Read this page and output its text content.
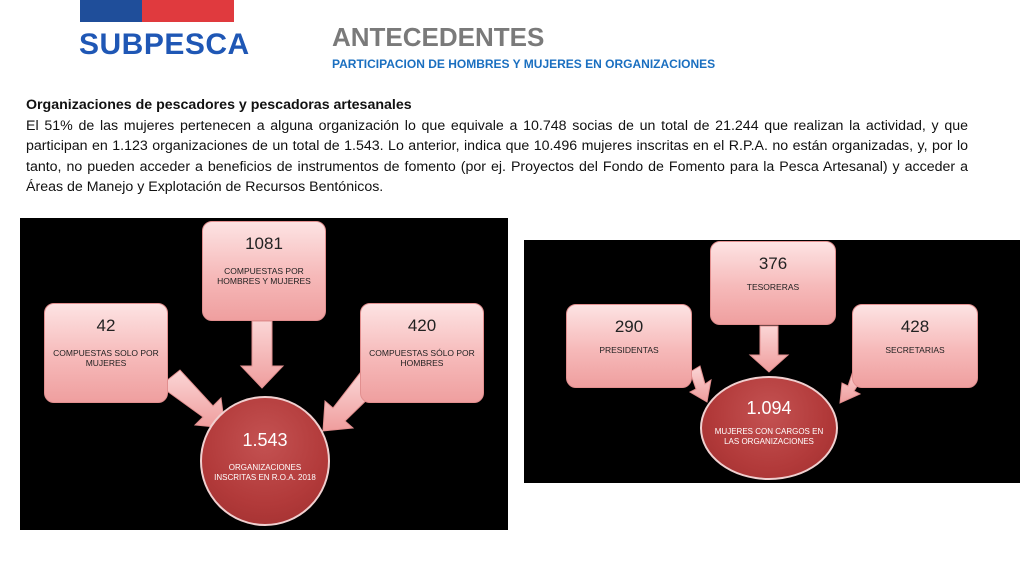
SUBPESCA	ANTECEDENTES
PARTICIPACION DE HOMBRES Y MUJERES EN ORGANIZACIONES
Organizaciones de pescadores y pescadoras artesanales
El 51% de las mujeres pertenecen a alguna organización lo que equivale a 10.748 socias de un total de 21.244 que realizan la actividad, y que participan en 1.123 organizaciones de un total de 1.543. Lo anterior, indica que 10.496 mujeres inscritas en el R.P.A. no están organizadas, y, por lo tanto, no pueden acceder a beneficios de instrumentos de fomento (por ej. Proyectos del Fondo de Fomento para la Pesca Artesanal) y acceder a Áreas de Manejo y Explotación de Recursos Bentónicos.
1081
COMPUESTAS POR HOMBRES Y MUJERES
42
COMPUESTAS SOLO POR MUJERES
420
COMPUESTAS SÓLO POR HOMBRES
1.543
ORGANIZACIONES INSCRITAS EN R.O.A. 2018
376
TESORERAS
290
PRESIDENTAS
428
SECRETARIAS
1.094
MUJERES CON CARGOS EN LAS ORGANIZACIONES
